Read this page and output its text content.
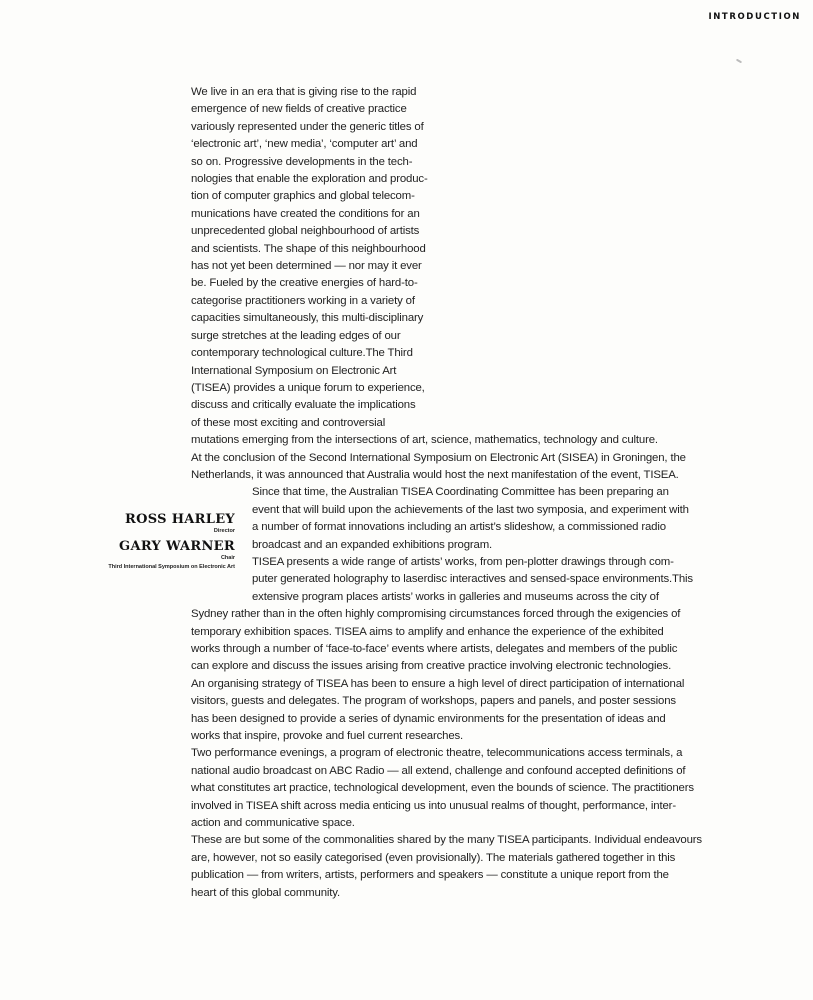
INTRODUCTION

We live in an era that is giving rise to the rapid

emergence of new fields of creative practice

variously represented under the generic titles of

‘electronic art’, ‘new media’, ‘computer art’ and

so on. Progressive developments in the tech-

nologies that enable the exploration and produc-

tion of computer graphics and global telecom-

munications have created the conditions for an

unprecedented global neighbourhood of artists

and scientists. The shape of this neighbourhood

has not yet been determined — nor may it ever

be. Fueled by the creative energies of hard-to-

categorise practitioners working in a variety of

capacities simultaneously, this multi-disciplinary

surge stretches at the leading edges of our

contemporary technological culture.The Third

International Symposium on Electronic Art

(TISEA) provides a unique forum to experience,

discuss and critically evaluate the implications

of these most exciting and controversial

mutations emerging from the intersections of art, science, mathematics, technology and culture.

At the conclusion of the Second International Symposium on Electronic Art (SISEA) in Groningen, the

Netherlands, it was announced that Australia would host the next manifestation of the event, TISEA.

Since that time, the Australian TISEA Coordinating Committee has been preparing an

event that will build upon the achievements of the last two symposia, and experiment with

a number of format innovations including an artist’s slideshow, a commissioned radio

broadcast and an expanded exhibitions program.

TISEA presents a wide range of artists’ works, from pen-plotter drawings through com-

puter generated holography to laserdisc interactives and sensed-space environments.This

extensive program places artists’ works in galleries and museums across the city of

Sydney rather than in the often highly compromising circumstances forced through the exigencies of

temporary exhibition spaces. TISEA aims to amplify and enhance the experience of the exhibited

works through a number of ‘face-to-face’ events where artists, delegates and members of the public

can explore and discuss the issues arising from creative practice involving electronic technologies.

An organising strategy of TISEA has been to ensure a high level of direct participation of international

visitors, guests and delegates. The program of workshops, papers and panels, and poster sessions

has been designed to provide a series of dynamic environments for the presentation of ideas and

works that inspire, provoke and fuel current researches.

Two performance evenings, a program of electronic theatre, telecommunications access terminals, a

national audio broadcast on ABC Radio — all extend, challenge and confound accepted definitions of

what constitutes art practice, technological development, even the bounds of science. The practitioners

involved in TISEA shift across media enticing us into unusual realms of thought, performance, inter-

action and communicative space.

These are but some of the commonalities shared by the many TISEA participants. Individual endeavours

are, however, not so easily categorised (even provisionally). The materials gathered together in this

publication — from writers, artists, performers and speakers — constitute a unique report from the

heart of this global community.

ROSS HARLEY
Director
GARY WARNER
Chair
Third International Symposium on Electronic Art
